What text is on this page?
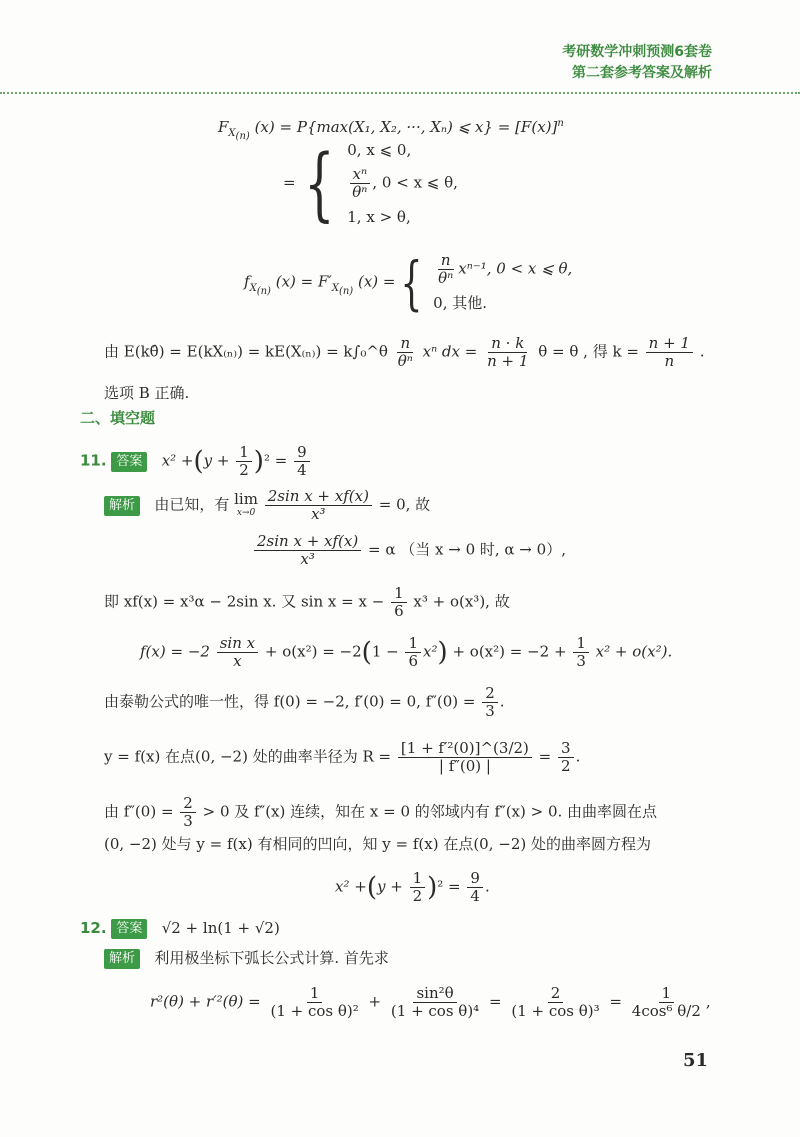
考研数学冲刺预测6套卷
第二套参考答案及解析
$F_{X_{(n)}}$ (x) = P{max(X₁, X₂, ···, Xₙ) ⩽ $x\} = [F(x)]^n$
= { 0, x ⩽ 0,
$\frac{\text{xⁿ}}{\text{θⁿ}}$ , 0 < x ⩽ θ,
1, x > θ,
$f_{X_{(n)}}$ $(x) = F'_{X_{(n)}}$ (x) ={ $\frac{n}{\text{θⁿ}} x^{n-1}$, 0 < x ⩽ θ,
0, 其他.
由 E(kθ̂) = E(kX₍ₙ₎) = kE(X₍ₙ₎) = k∫₀^θ $\frac{n}{\text{θⁿ}}$ xⁿ dx = $\frac{n \cdot k}{n + 1}$ θ = θ , 得 $k = \frac{n + 1}{n}$ .
选项 B 正确.
二、填空题
11. 答案 $x^2 +(y + \frac{1}{2} )^2 = \frac{9}{4}$
解析 由已知，有 lim
x→0
$\frac{\text{2sin x + xf(x)}}{\text{x³}} = 0$, 故
$\frac{\text{2sin x + xf(x)}}{\text{x³}} = \alpha$ （当 x → 0 时, α → 0）,
即 xf(x) = x³α − 2sin x. 又 $\sin x = x - \frac{1}{6} x^3 + o(x^3)$, 故
$f(x) = -2 \frac{\text{sin x}}{x} + o(x^2) = -2(1 - \frac{1}{6} x^2) + o(x^2) = -2 + \frac{1}{3} x^2 + o(x^2)$.
由泰勒公式的唯一性，得 f(0) = −2, f′(0) = 0, $f''(0) = \frac{2}{3}$ .
y = f(x) 在点(0, −2) 处的曲率半径为 $R = \frac{\text{[1 + f′²(0)]\textasciicircum{}(3/2)}}{| f''(0) |} = \frac{3}{2}$ .
由 $f''(0) = \frac{2}{3} > 0$ 及 f″(x) 连续，知在 x = 0 的邻域内有 f″(x) > 0. 由曲率圆在点
(0, −2) 处与 y = f(x) 有相同的凹向，知 y = f(x) 在点(0, −2) 处的曲率圆方程为
$x^2 +(y + \frac{1}{2} )^2 = \frac{9}{4}$ .
12. 答案 √2 + ln(1 + √2)
解析 利用极坐标下弧长公式计算. 首先求
$r^2(\theta) + r'^2(\theta) = \frac{1}{\text{(1 + cos θ)²}} + \frac{\text{sin²θ}}{\text{(1 + cos θ)⁴}} = \frac{2}{\text{(1 + cos θ)³}} = \frac{1}{\text{4cos⁶ θ/2}}$ ,
51
